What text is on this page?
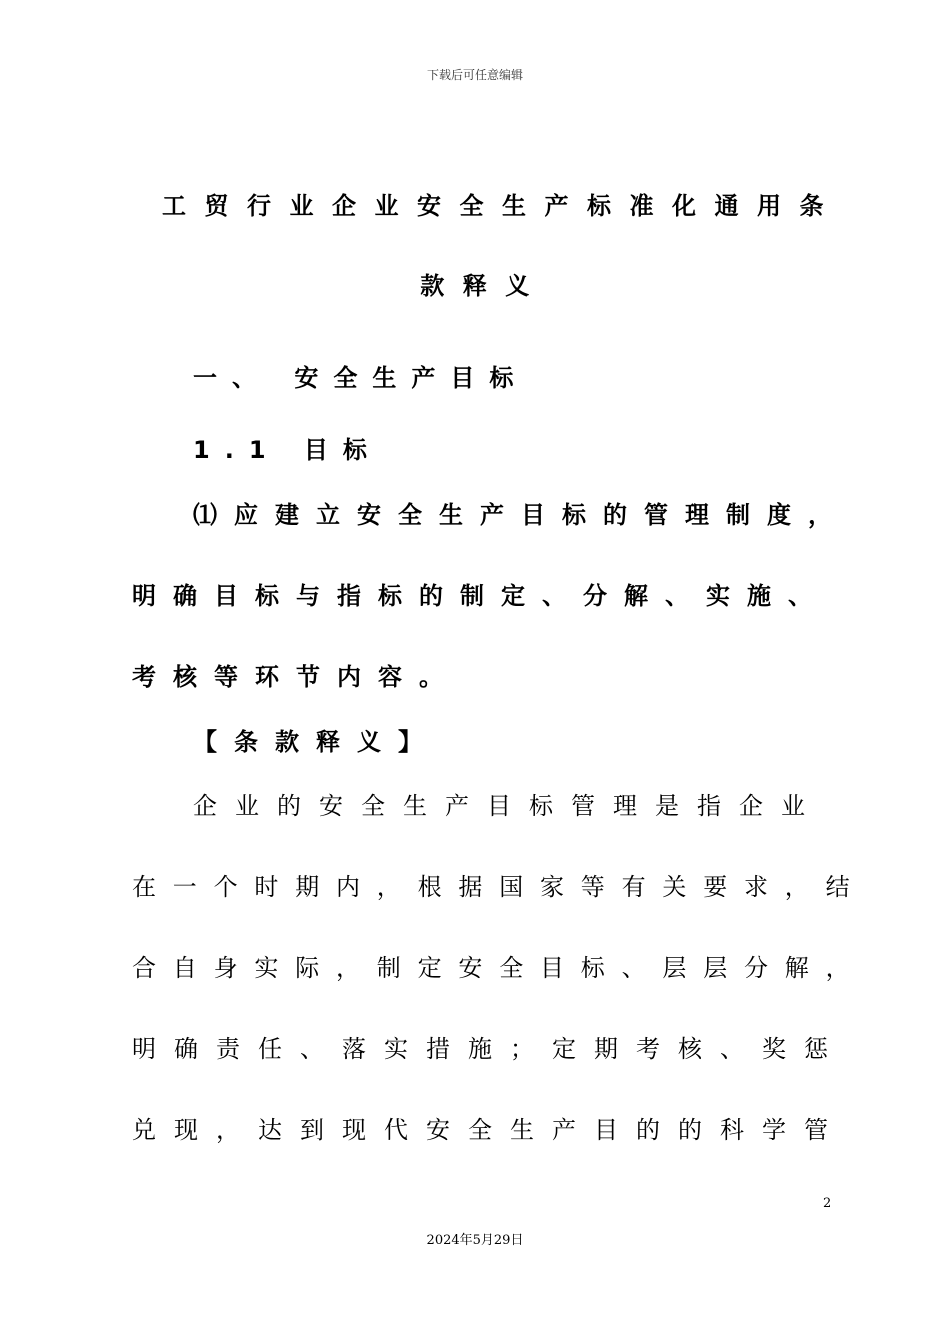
下载后可任意编辑
工贸行业企业安全生产标准化通用条
款释义
一、 安全生产目标
1.1 目标
⑴应建立安全生产目标的管理制度，
明确目标与指标的制定、分解、实施、
考核等环节内容。
【条款释义】
企业的安全生产目标管理是指企业
在一个时期内，根据国家等有关要求，结
合自身实际，制定安全目标、层层分解，
明确责任、落实措施；定期考核、奖惩
兑现，达到现代安全生产目的的科学管
2
2024年5月29日
